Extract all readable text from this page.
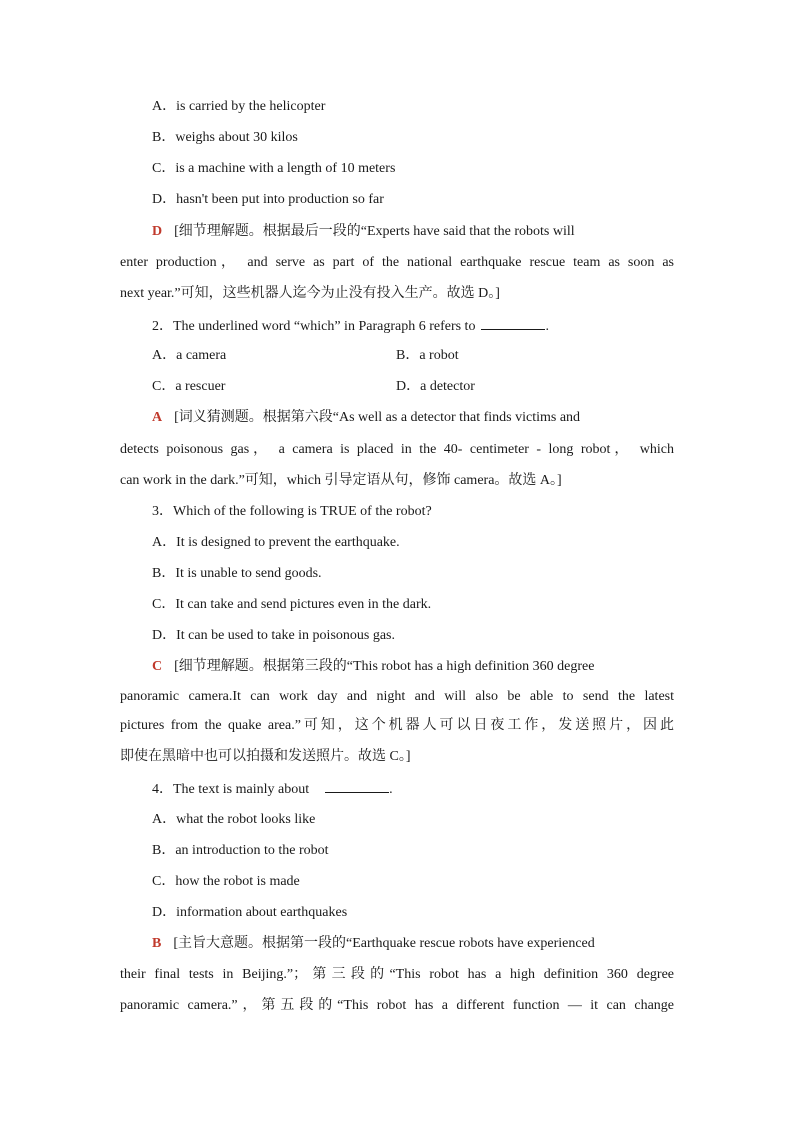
A．is carried by the helicopter
B．weighs about 30 kilos
C．is a machine with a length of 10 meters
D．hasn't been put into production so far
D [细节理解题。根据最后一段的“Experts have said that the robots will
enter production， and serve as part of the national earthquake rescue team as soon as
next year.”可知，这些机器人迄今为止没有投入生产。故选 D。]
2．The underlined word “which” in Paragraph 6 refers to	.
A．a camera	B．a robot
C．a rescuer	D．a detector
A [词义猜测题。根据第六段“As well as a detector that finds victims and
detects poisonous gas， a camera is placed in the 40- centimeter - long robot， which
can work in the dark.”可知，which 引导定语从句，修饰 camera。故选 A。]
3．Which of the following is TRUE of the robot?
A．It is designed to prevent the earthquake.
B．It is unable to send goods.
C．It can take and send pictures even in the dark.
D．It can be used to take in poisonous gas.
C [细节理解题。根据第三段的“This robot has a high definition 360 degree
panoramic camera.It can work day and night and will also be able to send the latest
pictures from the quake area.”可知，这个机器人可以日夜工作，发送照片，因此
即使在黑暗中也可以拍摄和发送照片。故选 C。]
4．The text is mainly about	.
A．what the robot looks like
B．an introduction to the robot
C．how the robot is made
D．information about earthquakes
B [主旨大意题。根据第一段的“Earthquake rescue robots have experienced
their final tests in Beijing.”；第三段的“This robot has a high definition 360 degree
panoramic camera.”，第五段的“This robot has a different function — it can change
